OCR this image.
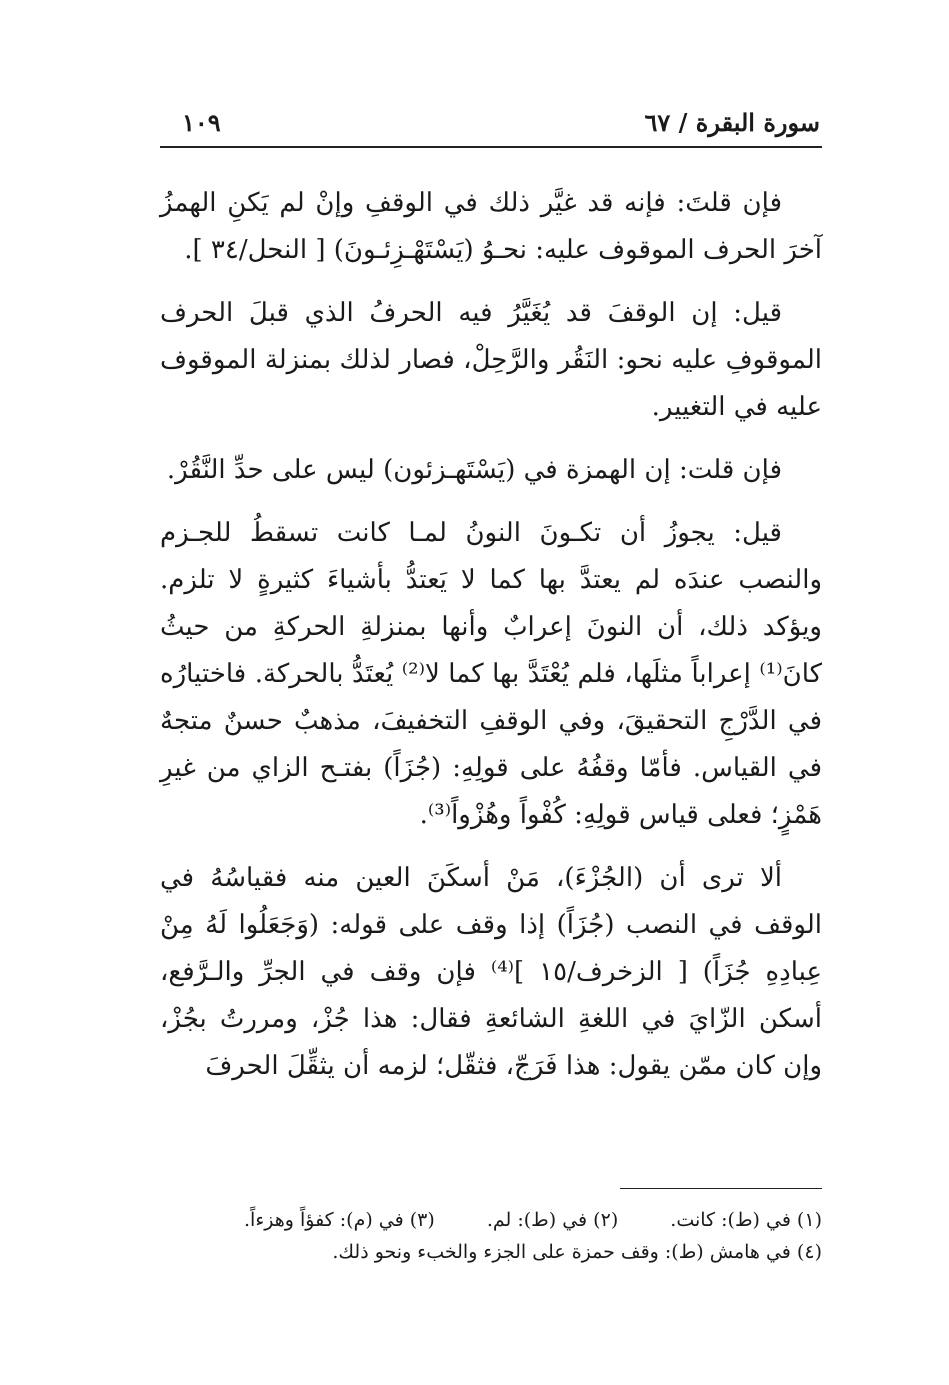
سورة البقرة / ٦٧
١٠٩

فإن قلتَ: فإنه قد غيَّر ذلك في الوقفِ وإنْ لم يَكنِ الهمزُ آخرَ الحرف الموقوف عليه: نحـوُ (يَسْتَهْـزِئـونَ) [ النحل/٣٤ ].

قيل: إن الوقفَ قد يُغَيَّرُ فيه الحرفُ الذي قبلَ الحرف الموقوفِ عليه نحو: النَقُر والرَّحِلْ، فصار لذلك بمنزلة الموقوف عليه في التغيير.

فإن قلت: إن الهمزة في (يَسْتَهـزئون) ليس على حدِّ النَّقُرْ.

قيل: يجوزُ أن تكـونَ النونُ لمـا كانت تسقطُ للجـزم والنصب عندَه لم يعتدَّ بها كما لا يَعتدُّ بأشياءَ كثيرةٍ لا تلزم. ويؤكد ذلك، أن النونَ إعرابٌ وأنها بمنزلةِ الحركةِ من حيثُ كانَ⁽¹⁾ إعراباً مثلَها، فلم يُعْتَدَّ بها كما لا⁽²⁾ يُعتَدُّ بالحركة. فاختيارُه في الدَّرْجِ التحقيقَ، وفي الوقفِ التخفيفَ، مذهبٌ حسنٌ متجهٌ في القياس. فأمّا وقفُهُ على قولِهِ: (جُزَاً) بفتـح الزاي من غيرِ هَمْزٍ؛ فعلى قياس قولِهِ: كُفْواً وهُزْواً⁽³⁾.

ألا ترى أن (الجُزْءَ)، مَنْ أسكَنَ العين منه فقياسُهُ في الوقف في النصب (جُزَاً) إذا وقف على قوله: (وَجَعَلُوا لَهُ مِنْ عِبادِهِ جُزَاً) [ الزخرف/١٥ ]⁽⁴⁾ فإن وقف في الجرِّ والـرَّفع، أسكن الزّايَ في اللغةِ الشائعةِ فقال: هذا جُزْ، ومررتُ بجُزْ، وإن كان ممّن يقول: هذا فَرَجّ، فثقّل؛ لزمه أن يثقِّلَ الحرفَ

(١) في (ط): كانت. (٢) في (ط): لم. (٣) في (م): كفؤاً وهزءاً.
(٤) في هامش (ط): وقف حمزة على الجزء والخبء ونحو ذلك.
